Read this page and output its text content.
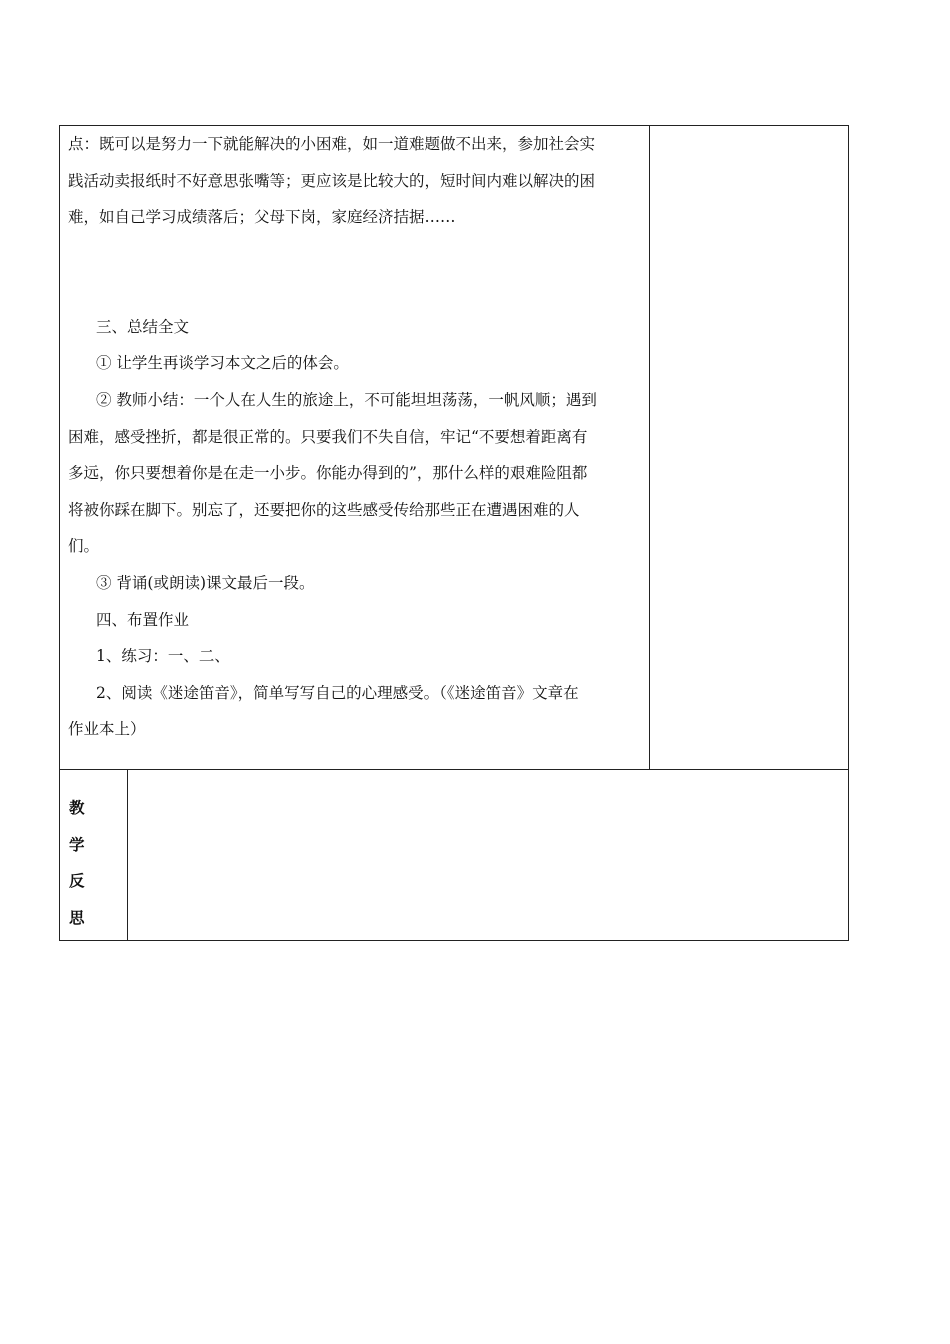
点：既可以是努力一下就能解决的小困难，如一道难题做不出来，参加社会实

践活动卖报纸时不好意思张嘴等；更应该是比较大的，短时间内难以解决的困

难，如自己学习成绩落后；父母下岗，家庭经济拮据……

三、总结全文

① 让学生再谈学习本文之后的体会。

② 教师小结：一个人在人生的旅途上，不可能坦坦荡荡，一帆风顺；遇到

困难，感受挫折，都是很正常的。只要我们不失自信，牢记“不要想着距离有

多远，你只要想着你是在走一小步。你能办得到的”，那什么样的艰难险阻都

将被你踩在脚下。别忘了，还要把你的这些感受传给那些正在遭遇困难的人

们。

③ 背诵(或朗读)课文最后一段。

四、布置作业

1、练习：一、二、

2、阅读《迷途笛音》，简单写写自己的心理感受。（《迷途笛音》文章在

作业本上）

教
学
反
思
